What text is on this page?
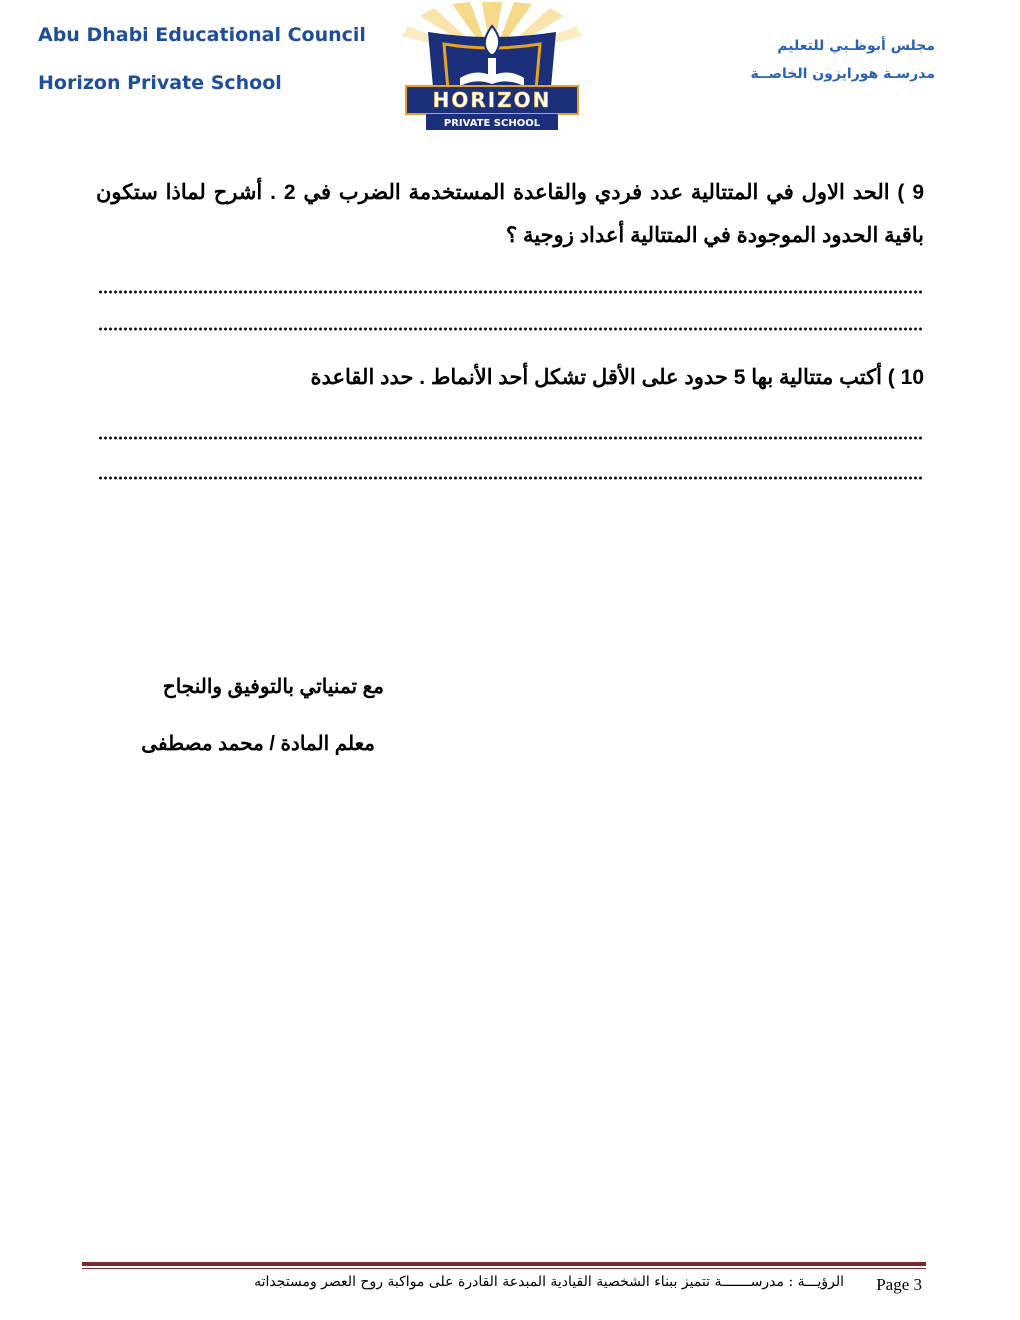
Abu Dhabi Educational Council
Horizon Private School
مجلس أبوظـبي للتعليم
مدرسـة هورايزون الخاصــة
HORIZON
PRIVATE SCHOOL
9 ) الحد الاول في المتتالية عدد فردي والقاعدة المستخدمة الضرب في 2 . أشرح لماذا ستكون باقية الحدود الموجودة في المتتالية أعداد زوجية ؟
10 ) أكتب متتالية بها 5 حدود على الأقل تشكل أحد الأنماط . حدد القاعدة
مع تمنياتي بالتوفيق والنجاح
معلم المادة / محمد مصطفى
الرؤيـــة : مدرســـــــة تتميز ببناء الشخصية القيادية المبدعة القادرة على مواكبة روح العصر ومستجداته Page 3
